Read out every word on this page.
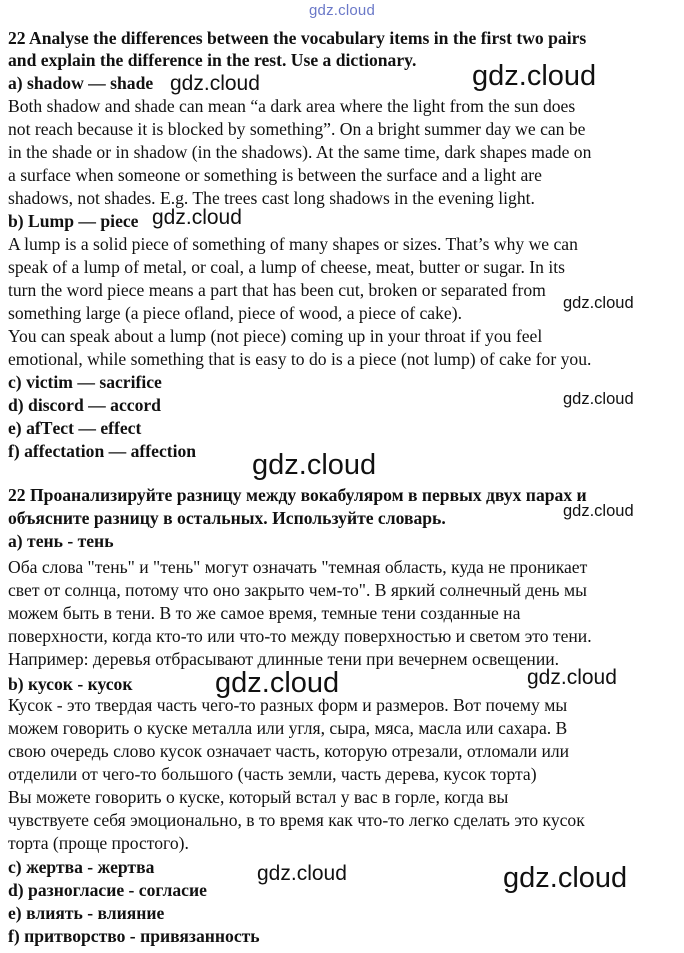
gdz.cloud
22 Analyse the differences between the vocabulary items in the first two pairs
and explain the difference in the rest. Use a dictionary.
a) shadow — shade
Both shadow and shade can mean “a dark area where the light from the sun does
not reach because it is blocked by something”. On a bright summer day we can be
in the shade or in shadow (in the shadows). At the same time, dark shapes made on
a surface when someone or something is between the surface and a light are
shadows, not shades. E.g. The trees cast long shadows in the evening light.
b) Lump — piece
A lump is a solid piece of something of many shapes or sizes. That’s why we can
speak of a lump of metal, or coal, a lump of cheese, meat, butter or sugar. In its
turn the word piece means a part that has been cut, broken or separated from
something large (a piece ofland, piece of wood, a piece of cake).
You can speak about a lump (not piece) coming up in your throat if you feel
emotional, while something that is easy to do is a piece (not lump) of cake for you.
c) victim — sacrifice
d) discord — accord
e) afТect — effect
f) affectation — affection
22 Проанализируйте разницу между вокабуляром в первых двух парах и
объясните разницу в остальных. Используйте словарь.
а) тень - тень
Оба слова "тень" и "тень" могут означать "темная область, куда не проникает
свет от солнца, потому что оно закрыто чем-то". В яркий солнечный день мы
можем быть в тени. В то же самое время, темные тени созданные на
поверхности, когда кто-то или что-то между поверхностью и светом это тени.
Например: деревья отбрасывают длинные тени при вечернем освещении.
b) кусок - кусок
Кусок - это твердая часть чего-то разных форм и размеров. Вот почему мы
можем говорить о куске металла или угля, сыра, мяса, масла или сахара. В
свою очередь слово кусок означает часть, которую отрезали, отломали или
отделили от чего-то большого (часть земли, часть дерева, кусок торта)
Вы можете говорить о куске, который встал у вас в горле, когда вы
чувствуете себя эмоционально, в то время как что-то легко сделать это кусок
торта (проще простого).
c) жертва - жертва
d) разногласие - согласие
e) влиять - влияние
f) притворство - привязанность
gdz.cloud
gdz.cloud
gdz.cloud
gdz.cloud
gdz.cloud
gdz.cloud
gdz.cloud
gdz.cloud
gdz.cloud
gdz.cloud	gdz.cloud
